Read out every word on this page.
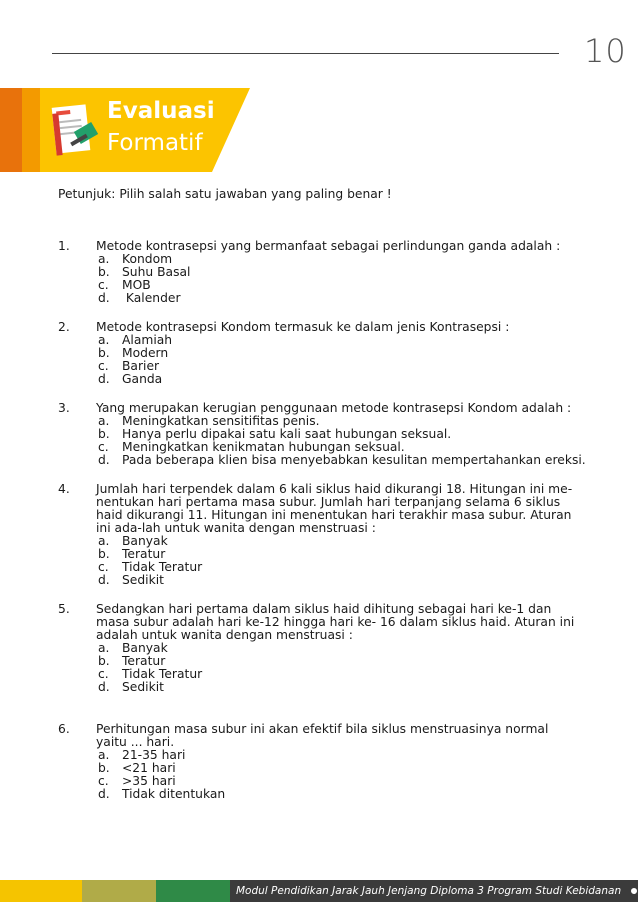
10
Evaluasi
Formatif
Petunjuk: Pilih salah satu jawaban yang paling benar !
1.	Metode kontrasepsi yang bermanfaat sebagai perlindungan ganda adalah :
a.	Kondom
b. Suhu Basal
c.	MOB
d. Kalender
2.	Metode kontrasepsi Kondom termasuk ke dalam jenis Kontrasepsi :
a.	Alamiah
b. Modern
c.	Barier
d. Ganda
3.	Yang merupakan kerugian penggunaan metode kontrasepsi Kondom adalah :
a.	Meningkatkan sensitifitas penis.
b. Hanya perlu dipakai satu kali saat hubungan seksual.
c.	Meningkatkan kenikmatan hubungan seksual.
d. Pada beberapa klien bisa menyebabkan kesulitan mempertahankan ereksi.
4.	Jumlah hari terpendek dalam 6 kali siklus haid dikurangi 18. Hitungan ini me-nentukan hari pertama masa subur. Jumlah hari terpanjang selama 6 siklus haid dikurangi 11. Hitungan ini menentukan hari terakhir masa subur. Aturan ini ada-lah untuk wanita dengan menstruasi :
a.	Banyak
b. Teratur
c.	Tidak Teratur
d. Sedikit
5.	Sedangkan hari pertama dalam siklus haid dihitung sebagai hari ke-1 dan masa subur adalah hari ke-12 hingga hari ke- 16 dalam siklus haid. Aturan ini adalah untuk wanita dengan menstruasi :
a.	Banyak
b. Teratur
c.	Tidak Teratur
d. Sedikit
6.	Perhitungan masa subur ini akan efektif bila siklus menstruasinya normal yaitu ... hari.
a.	21-35 hari
b. <21 hari
c.	>35 hari
d. Tidak ditentukan
Modul Pendidikan Jarak Jauh Jenjang Diploma 3 Program Studi Kebidanan
